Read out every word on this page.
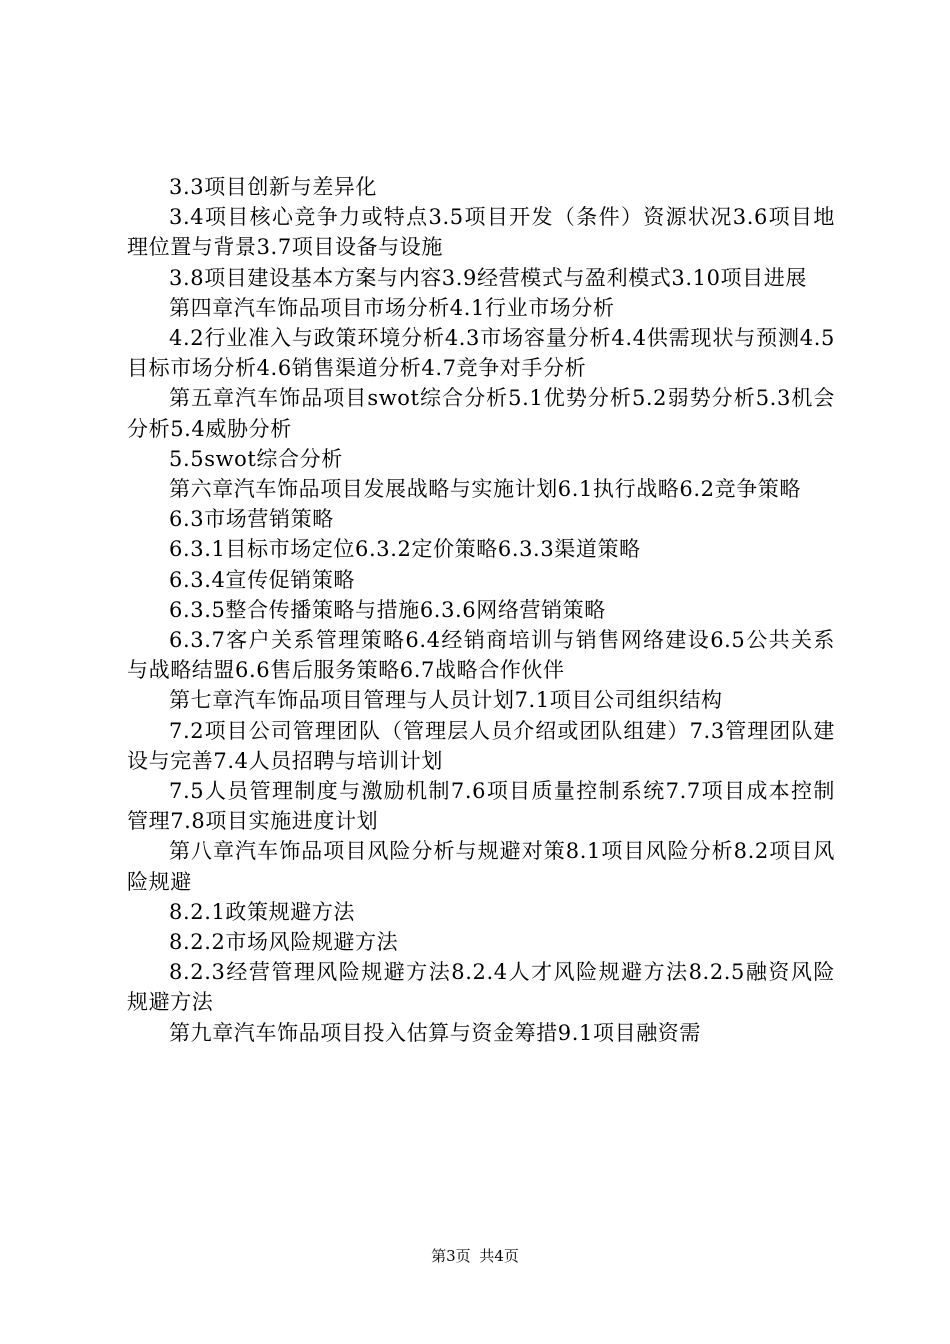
3.3项目创新与差异化

3.4项目核心竞争力或特点3.5项目开发（条件）资源状况3.6项目地理位置与背景3.7项目设备与设施

3.8项目建设基本方案与内容3.9经营模式与盈利模式3.10项目进展

第四章汽车饰品项目市场分析4.1行业市场分析

4.2行业准入与政策环境分析4.3市场容量分析4.4供需现状与预测4.5目标市场分析4.6销售渠道分析4.7竞争对手分析

第五章汽车饰品项目swot综合分析5.1优势分析5.2弱势分析5.3机会分析5.4威胁分析

5.5swot综合分析

第六章汽车饰品项目发展战略与实施计划6.1执行战略6.2竞争策略

6.3市场营销策略

6.3.1目标市场定位6.3.2定价策略6.3.3渠道策略

6.3.4宣传促销策略

6.3.5整合传播策略与措施6.3.6网络营销策略

6.3.7客户关系管理策略6.4经销商培训与销售网络建设6.5公共关系与战略结盟6.6售后服务策略6.7战略合作伙伴

第七章汽车饰品项目管理与人员计划7.1项目公司组织结构

7.2项目公司管理团队（管理层人员介绍或团队组建）7.3管理团队建设与完善7.4人员招聘与培训计划

7.5人员管理制度与激励机制7.6项目质量控制系统7.7项目成本控制管理7.8项目实施进度计划

第八章汽车饰品项目风险分析与规避对策8.1项目风险分析8.2项目风险规避

8.2.1政策规避方法

8.2.2市场风险规避方法

8.2.3经营管理风险规避方法8.2.4人才风险规避方法8.2.5融资风险规避方法

第九章汽车饰品项目投入估算与资金筹措9.1项目融资需

第3页 共4页
